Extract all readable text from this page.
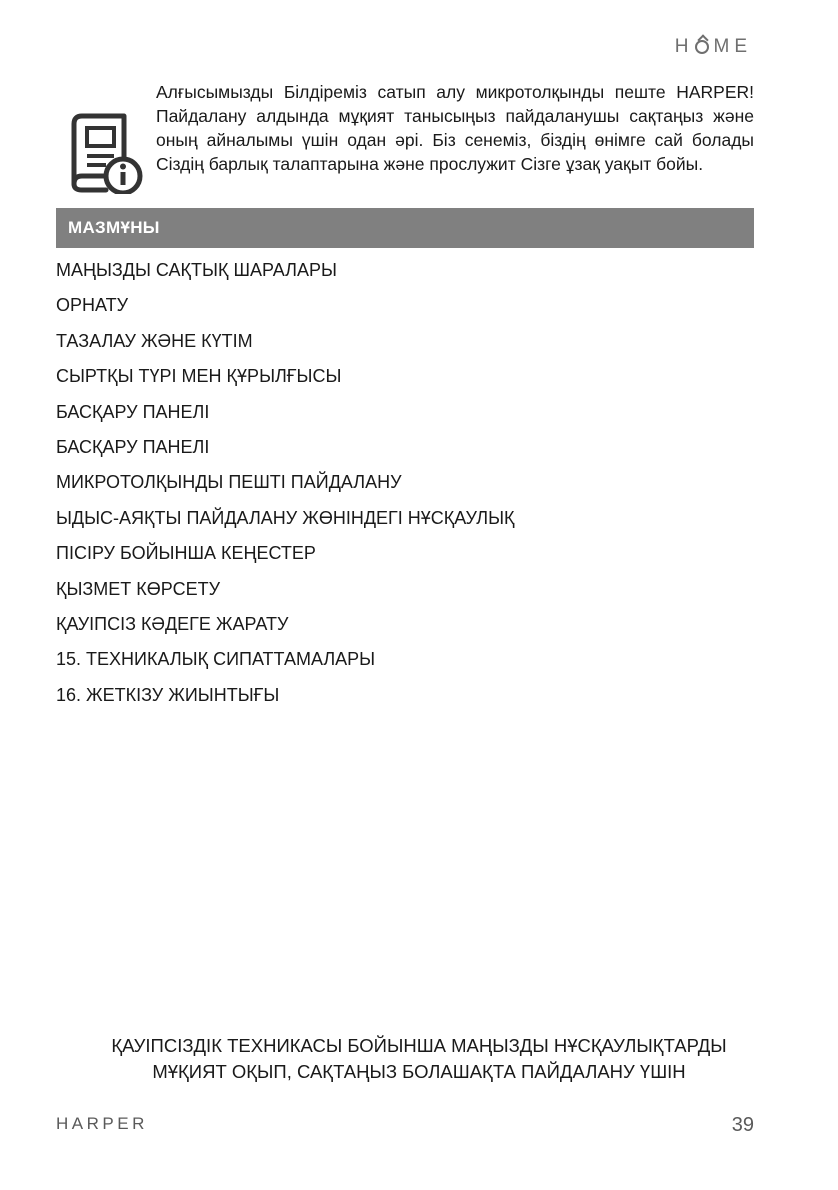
H ME

Алғысымызды Білдіреміз сатып алу микротолқынды пеште HARPER! Пайдалану алдында мұқият танысыңыз пайдаланушы сақтаңыз және оның айналымы үшін одан әрі. Біз сенеміз, біздің өнімге сай болады Сіздің барлық талаптарына және прослужит Сізге ұзақ уақыт бойы.

МАЗМҰНЫ
МАҢЫЗДЫ САҚТЫҚ ШАРАЛАРЫ
ОРНАТУ
ТАЗАЛАУ ЖӘНЕ КҮТІМ
СЫРТҚЫ ТҮРІ МЕН ҚҰРЫЛҒЫСЫ
БАСҚАРУ ПАНЕЛІ
БАСҚАРУ ПАНЕЛІ
МИКРОТОЛҚЫНДЫ ПЕШТІ ПАЙДАЛАНУ
ЫДЫС-АЯҚТЫ ПАЙДАЛАНУ ЖӨНІНДЕГІ НҰСҚАУЛЫҚ
ПІСІРУ БОЙЫНША КЕҢЕСТЕР
ҚЫЗМЕТ КӨРСЕТУ
ҚАУІПСІЗ КӘДЕГЕ ЖАРАТУ
15. ТЕХНИКАЛЫҚ СИПАТТАМАЛАРЫ
16. ЖЕТКІЗУ ЖИЫНТЫҒЫ
ҚАУІПСІЗДІК ТЕХНИКАСЫ БОЙЫНША МАҢЫЗДЫ НҰСҚАУЛЫҚТАРДЫ
МҰҚИЯТ ОҚЫП, САҚТАҢЫЗ БОЛАШАҚТА ПАЙДАЛАНУ ҮШІН
HARPER	39
